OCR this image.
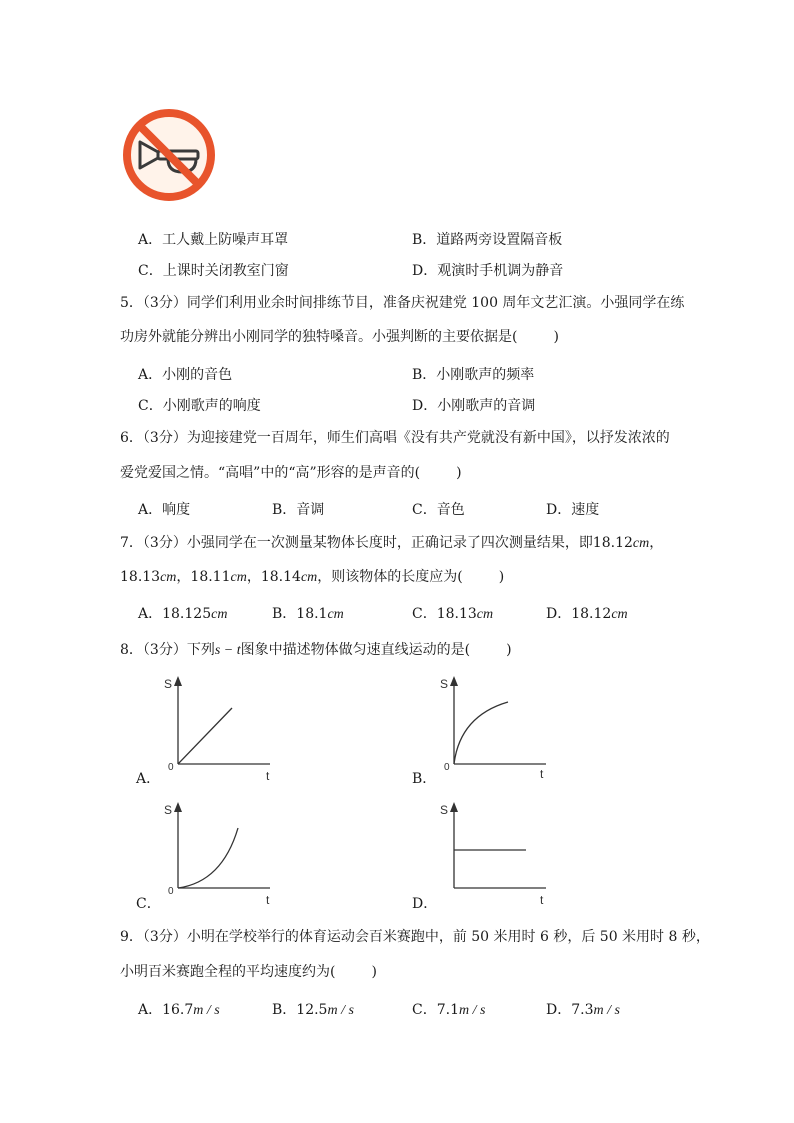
A．工人戴上防噪声耳罩	B．道路两旁设置隔音板
C．上课时关闭教室门窗	D．观演时手机调为静音
5．（3分）同学们利用业余时间排练节目，准备庆祝建党 100 周年文艺汇演。小强同学在练
功房外就能分辨出小刚同学的独特嗓音。小强判断的主要依据是(	)
A．小刚的音色	B．小刚歌声的频率
C．小刚歌声的响度	D．小刚歌声的音调
6．（3分）为迎接建党一百周年，师生们高唱《没有共产党就没有新中国》，以抒发浓浓的
爱党爱国之情。“高唱”中的“高”形容的是声音的(	)
A．响度	B．音调	C．音色	D．速度
7．（3分）小强同学在一次测量某物体长度时，正确记录了四次测量结果，即18.12cm，
18.13cm，18.11cm，18.14cm，则该物体的长度应为(	)
A．18.125cm	B．18.1cm	C．18.13cm	D．18.12cm
8．（3分）下列s − t图象中描述物体做匀速直线运动的是(	)
A．
S
0
t	B．
S
0	t
C．
S
0
t	D．
S
t
9．（3分）小明在学校举行的体育运动会百米赛跑中，前 50 米用时 6 秒，后 50 米用时 8 秒，
小明百米赛跑全程的平均速度约为(	)
A．16.7m / s	B．12.5m / s	C．7.1m / s	D．7.3m / s
